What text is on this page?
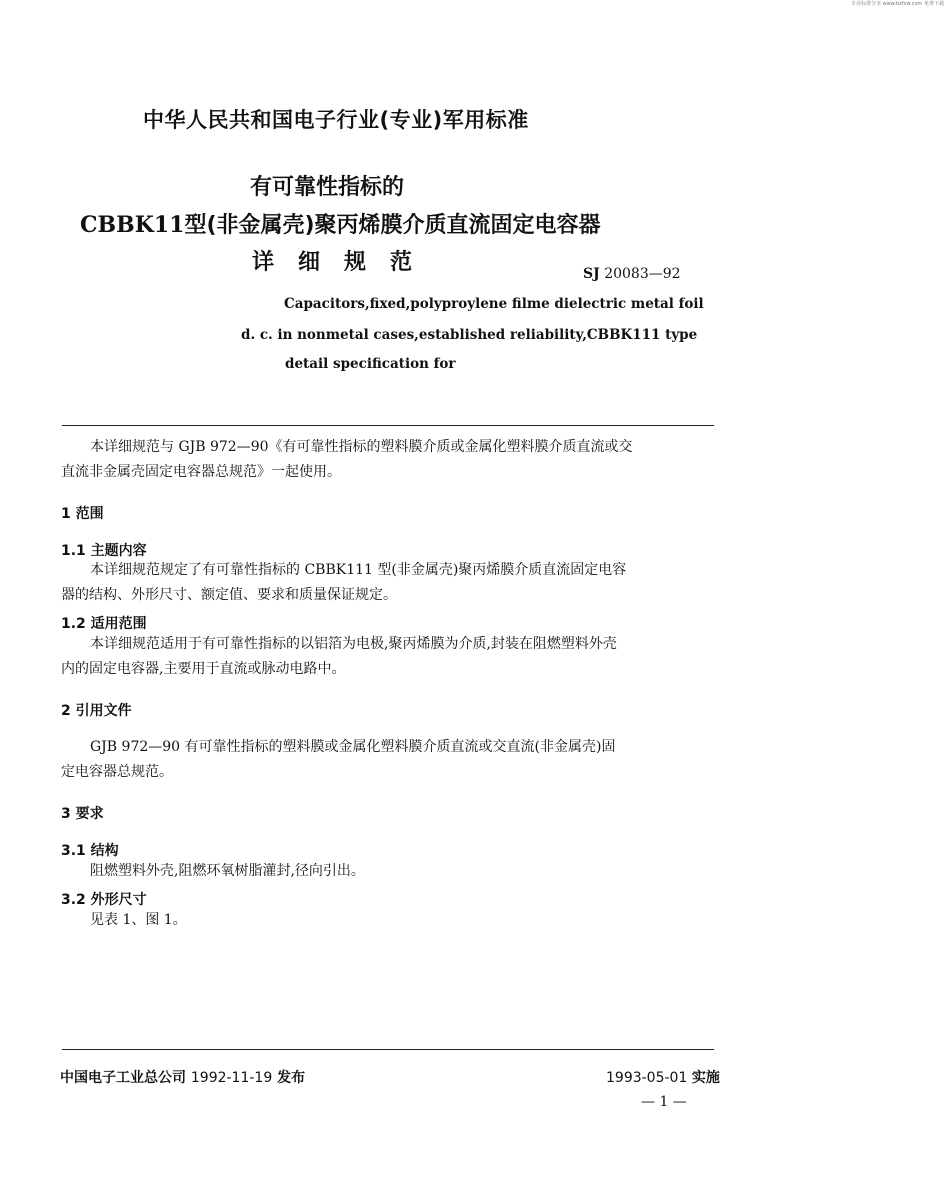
专业标准分享 www.bzfxw.com 免费下载
中华人民共和国电子行业(专业)军用标准
有可靠性指标的
CBBK11型(非金属壳)聚丙烯膜介质直流固定电容器
详细规范	SJ 20083—92
Capacitors,fixed,polyproylene filme dielectric metal foil
d. c. in nonmetal cases,established reliability,CBBK111 type
detail specification for
本详细规范与 GJB 972—90《有可靠性指标的塑料膜介质或金属化塑料膜介质直流或交
直流非金属壳固定电容器总规范》一起使用。
1 范围
1.1 主题内容
本详细规范规定了有可靠性指标的 CBBK111 型(非金属壳)聚丙烯膜介质直流固定电容
器的结构、外形尺寸、额定值、要求和质量保证规定。
1.2 适用范围
本详细规范适用于有可靠性指标的以铝箔为电极,聚丙烯膜为介质,封装在阻燃塑料外壳
内的固定电容器,主要用于直流或脉动电路中。
2 引用文件
GJB 972—90 有可靠性指标的塑料膜或金属化塑料膜介质直流或交直流(非金属壳)固
定电容器总规范。
3 要求
3.1 结构
阻燃塑料外壳,阻燃环氧树脂灌封,径向引出。
3.2 外形尺寸
见表 1、图 1。
中国电子工业总公司 1992-11-19 发布	1993-05-01 实施
— 1 —
